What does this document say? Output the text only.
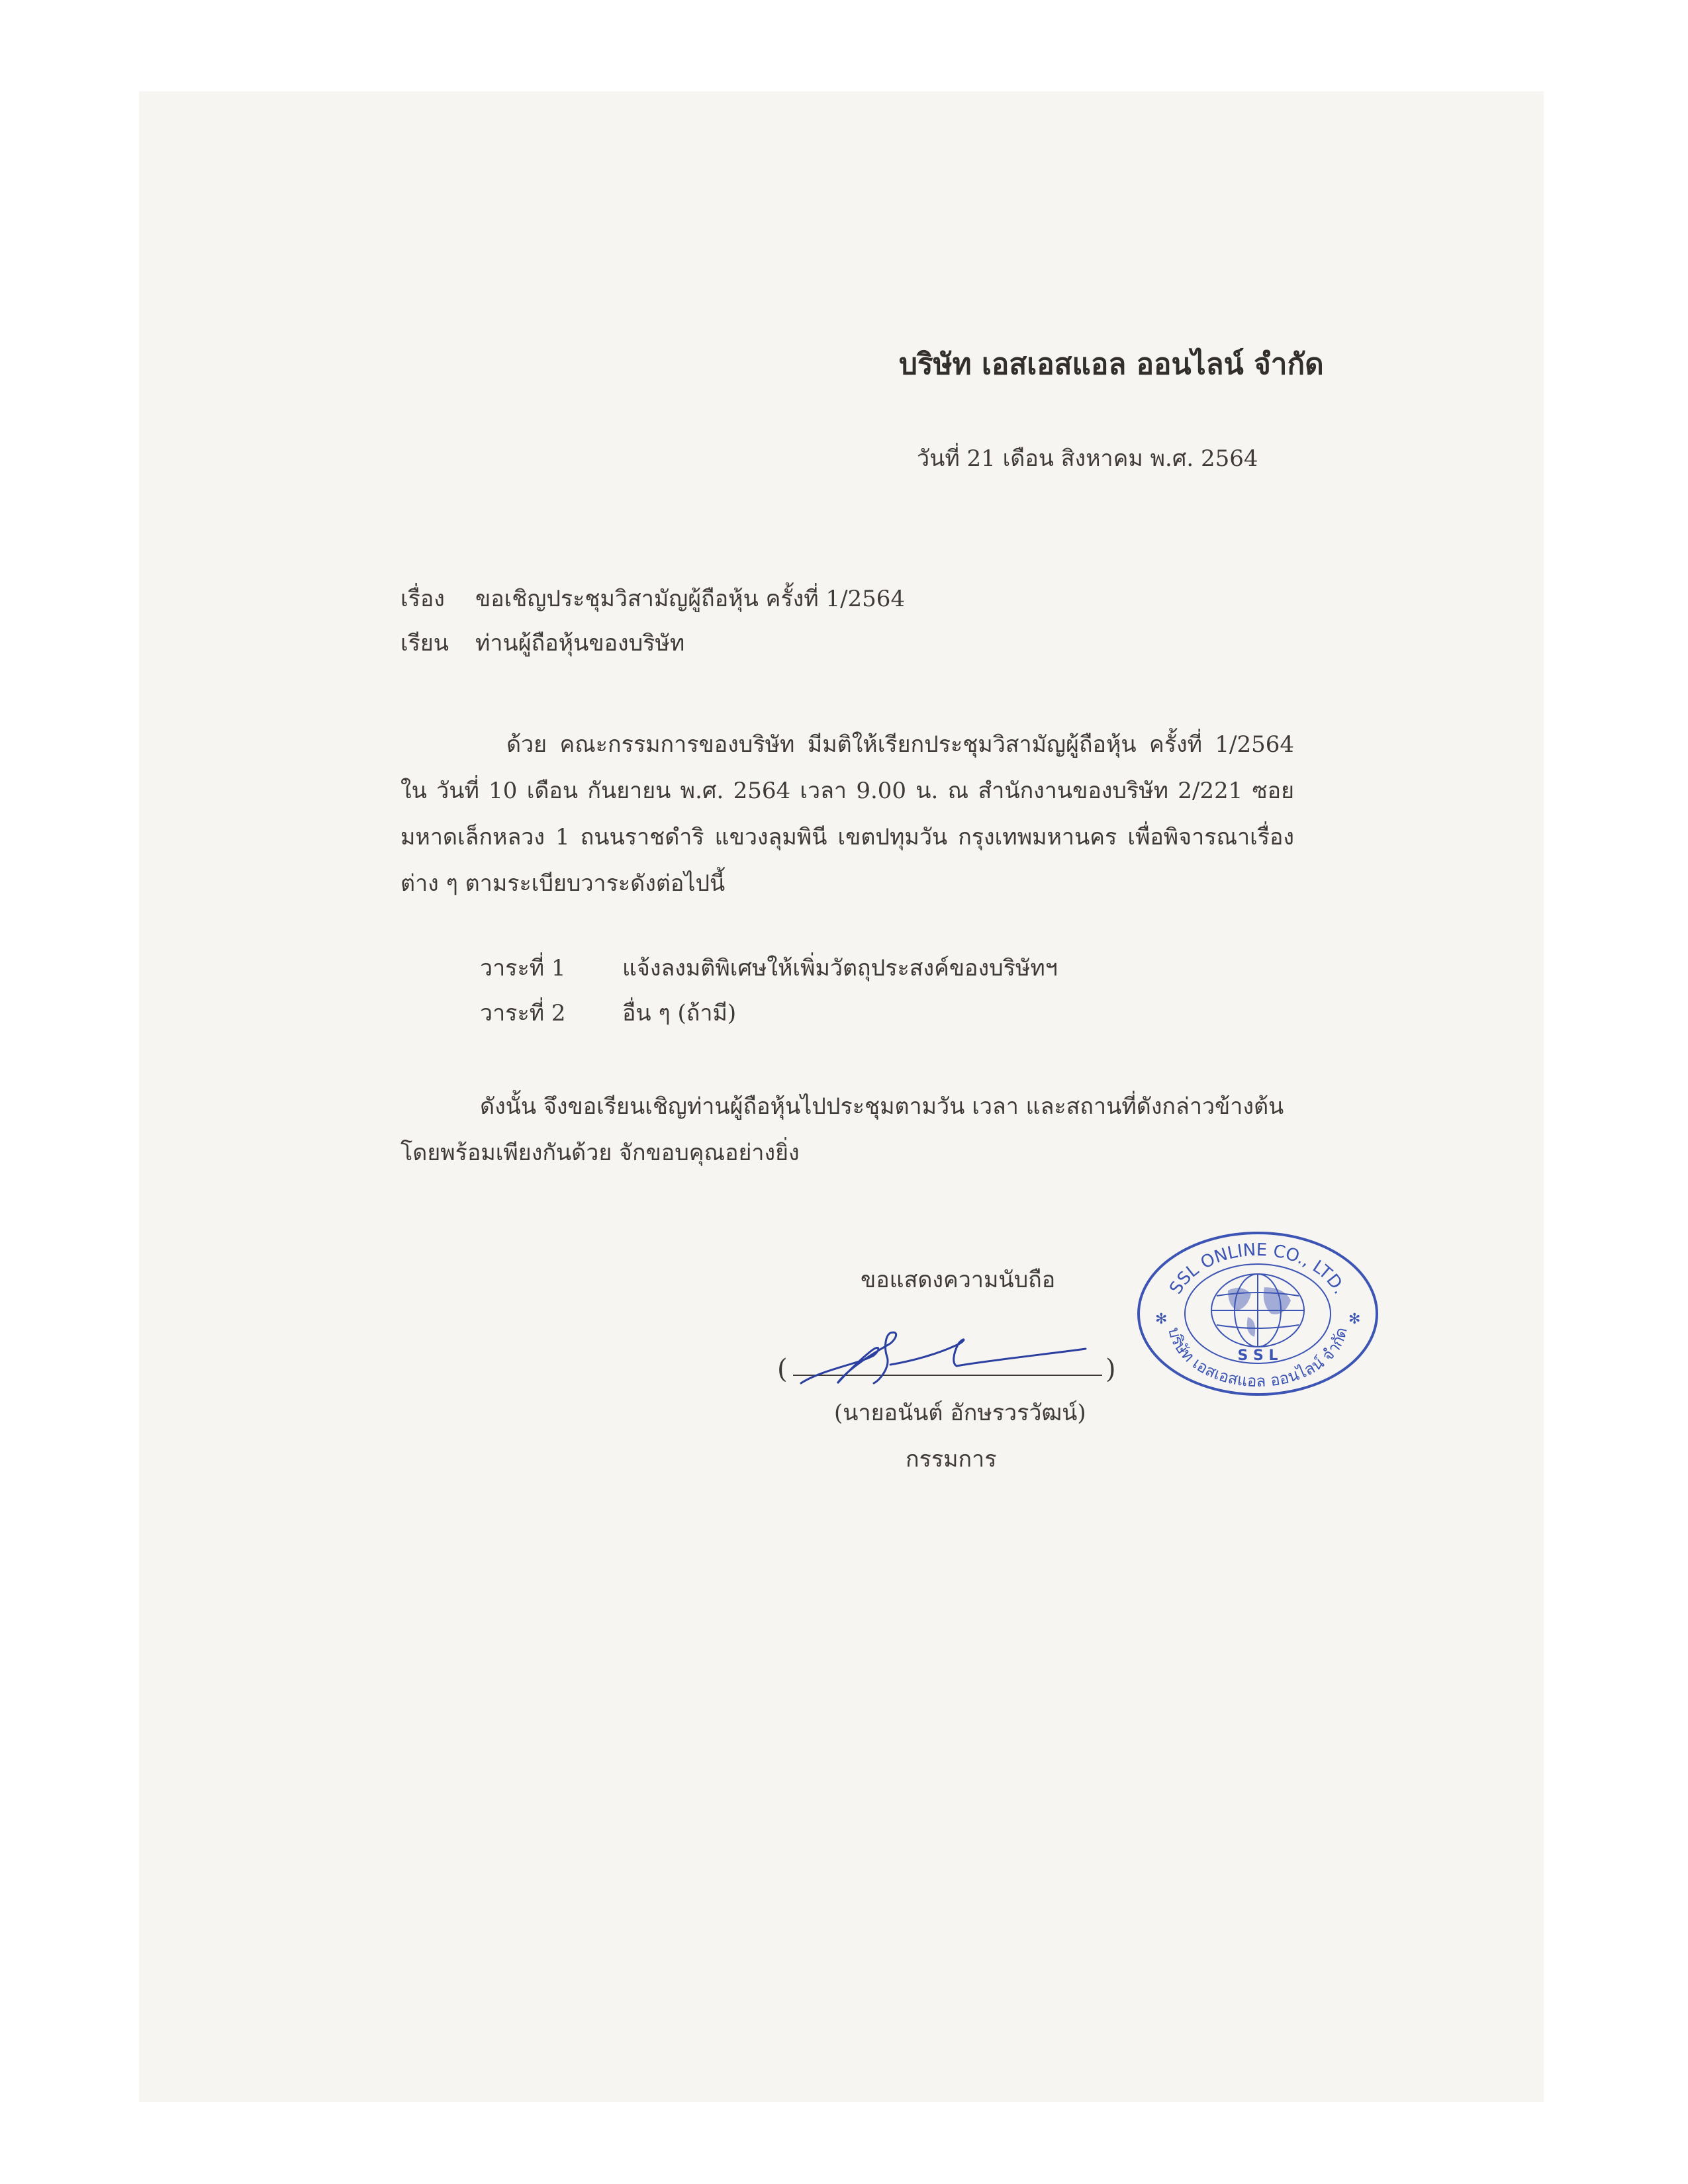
บริษัท เอสเอสแอล ออนไลน์ จำกัด
วันที่ 21 เดือน สิงหาคม พ.ศ. 2564
เรื่อง ขอเชิญประชุมวิสามัญผู้ถือหุ้น ครั้งที่ 1/2564
เรียน ท่านผู้ถือหุ้นของบริษัท

ด้วย คณะกรรมการของบริษัท มีมติให้เรียกประชุมวิสามัญผู้ถือหุ้น ครั้งที่ 1/2564 ใน วันที่ 10 เดือน กันยายน พ.ศ. 2564 เวลา 9.00 น. ณ สำนักงานของบริษัท 2/221 ซอยมหาดเล็กหลวง 1 ถนนราชดำริ แขวงลุมพินี เขตปทุมวัน กรุงเทพมหานคร เพื่อพิจารณาเรื่องต่าง ๆ ตามระเบียบวาระดังต่อไปนี้

วาระที่ 1	แจ้งลงมติพิเศษให้เพิ่มวัตถุประสงค์ของบริษัทฯ
วาระที่ 2	อื่น ๆ (ถ้ามี)

ดังนั้น จึงขอเรียนเชิญท่านผู้ถือหุ้นไปประชุมตามวัน เวลา และสถานที่ดังกล่าวข้างต้นโดยพร้อมเพียงกันด้วย จักขอบคุณอย่างยิ่ง

ขอแสดงความนับถือ
(	)
(นายอนันต์ อักษรวรวัฒน์)
กรรมการ
SSL ONLINE CO., LTD.
S S L
บริษัท เอสเอสแอล ออนไลน์ จำกัด
✻	✻
